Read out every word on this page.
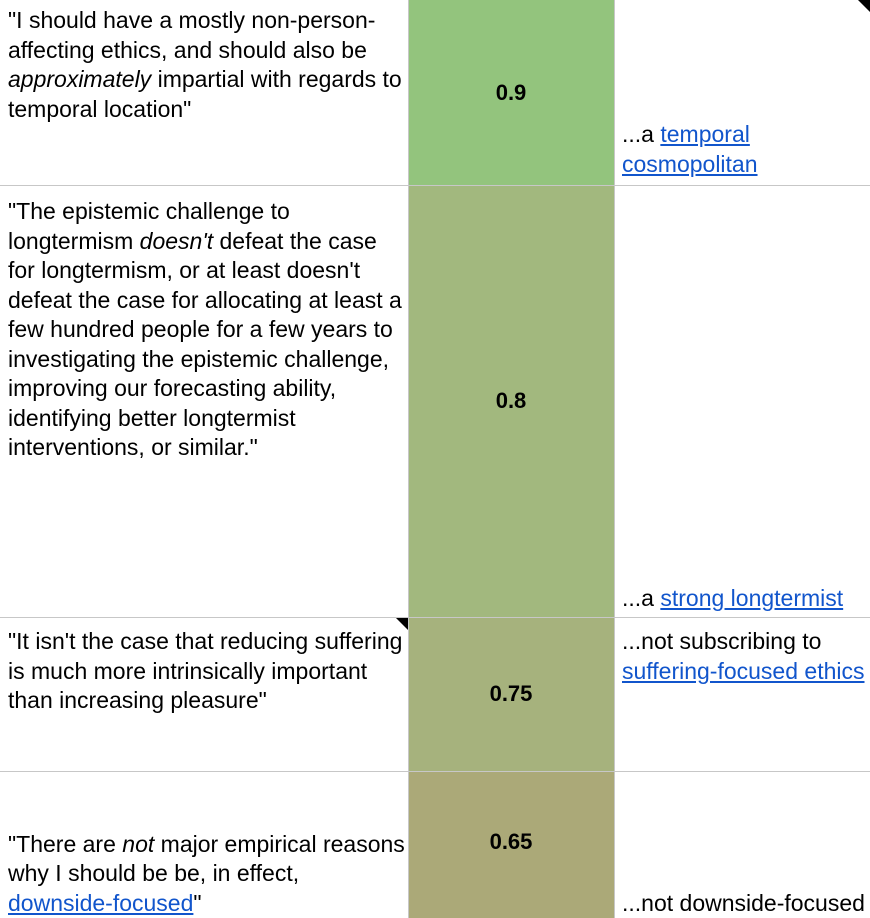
"I should have a mostly non-person-affecting ethics, and should also be approximately impartial with regards to temporal location"
0.9
...a temporal cosmopolitan
"The epistemic challenge to longtermism doesn't defeat the case for longtermism, or at least doesn't defeat the case for allocating at least a few hundred people for a few years to investigating the epistemic challenge, improving our forecasting ability, identifying better longtermist interventions, or similar."
0.8
...a strong longtermist
"It isn't the case that reducing suffering is much more intrinsically important than increasing pleasure"	0.75
...not subscribing to suffering-focused ethics
"There are not major empirical reasons why I should be be, in effect, downside-focused"
0.65
...not downside-focused
